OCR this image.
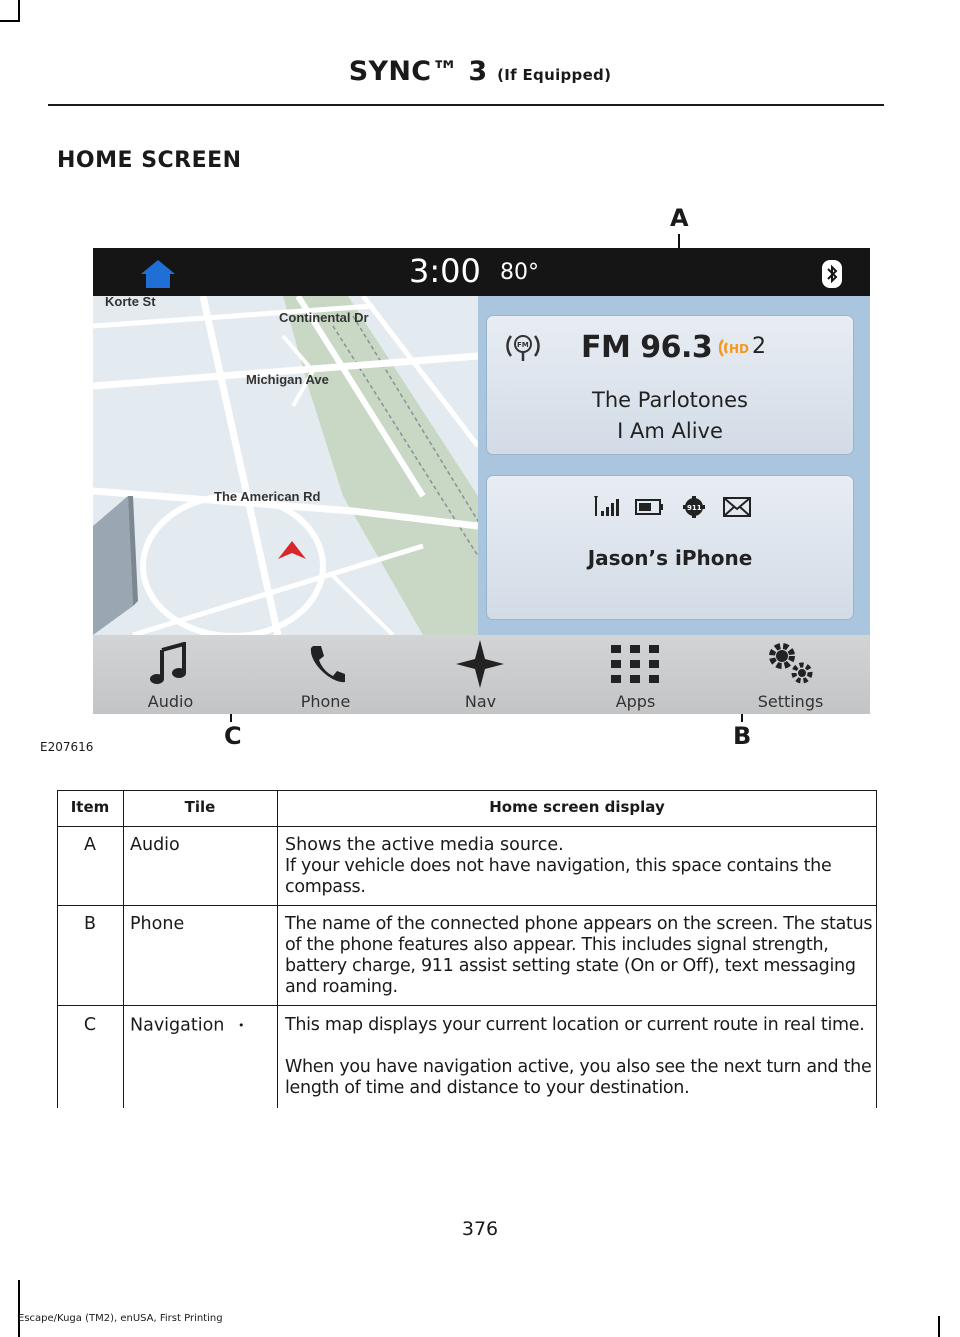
SYNC™ 3 (If Equipped)
HOME SCREEN
A
B
C
3:00 80°
Korte St
Continental Dr
Michigan Ave
The American Rd
FM FM 96.3 HD 2
The Parlotones
I Am Alive
911
Jason’s iPhone
Audio	Phone	Nav	Apps	Settings
E207616
Item	Tile	Home screen display
A	Audio	Shows the active media source.
If your vehicle does not have navigation, this space contains the compass.
B	Phone	The name of the connected phone appears on the screen. The status of the phone features also appear. This includes signal strength, battery charge, 911 assist setting state (On or Off), text messaging and roaming.
C	Navigation • This map displays your current location or current route in real time.
When you have navigation active, you also see the next turn and the length of time and distance to your destination.
376
Escape/Kuga (TM2), enUSA, First Printing
